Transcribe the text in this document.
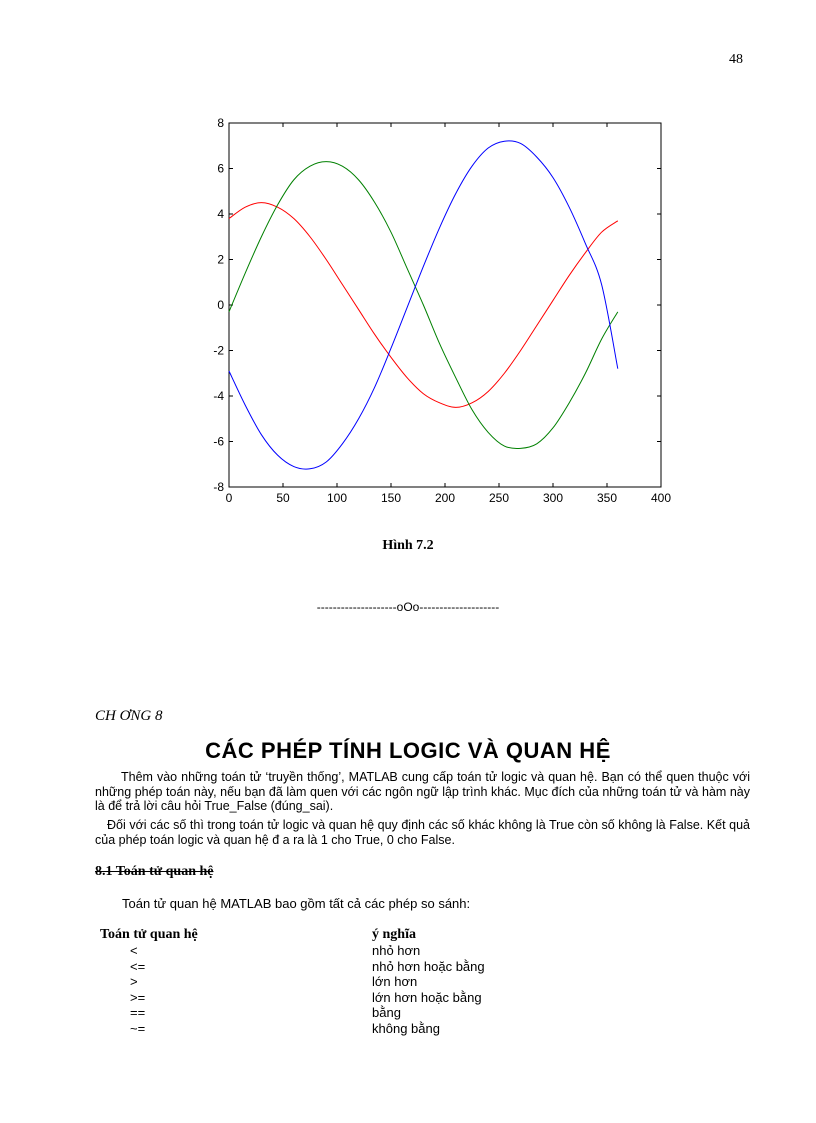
48
0	50	100	150	200	250	300	350	400
8
6
4
2
0
-2
-4
-6
-8
Hình 7.2
--------------------oOo--------------------
CH ƠNG 8
CÁC PHÉP TÍNH LOGIC VÀ QUAN HỆ
Thêm vào những toán tử ‘truyền thống’, MATLAB cung cấp toán tử logic và quan hệ. Bạn có thể quen thuộc với những phép toán này, nếu bạn đã làm quen với các ngôn ngữ lập trình khác. Mục đích của những toán tử và hàm này là để trả lời câu hỏi True_False (đúng_sai).
Đối với các số thì trong toán tử logic và quan hệ quy định các số khác không là True còn số không là False. Kết quả của phép toán logic và quan hệ đ a ra là 1 cho True, 0 cho False.
8.1 Toán tử quan hệ
Toán tử quan hệ MATLAB bao gồm tất cả các phép so sánh:
Toán tử quan hệ	ý nghĩa
<	nhỏ hơn
<=	nhỏ hơn hoặc bằng
>	lớn hơn
>=	lớn hơn hoặc bằng
==	bằng
~=	không bằng
